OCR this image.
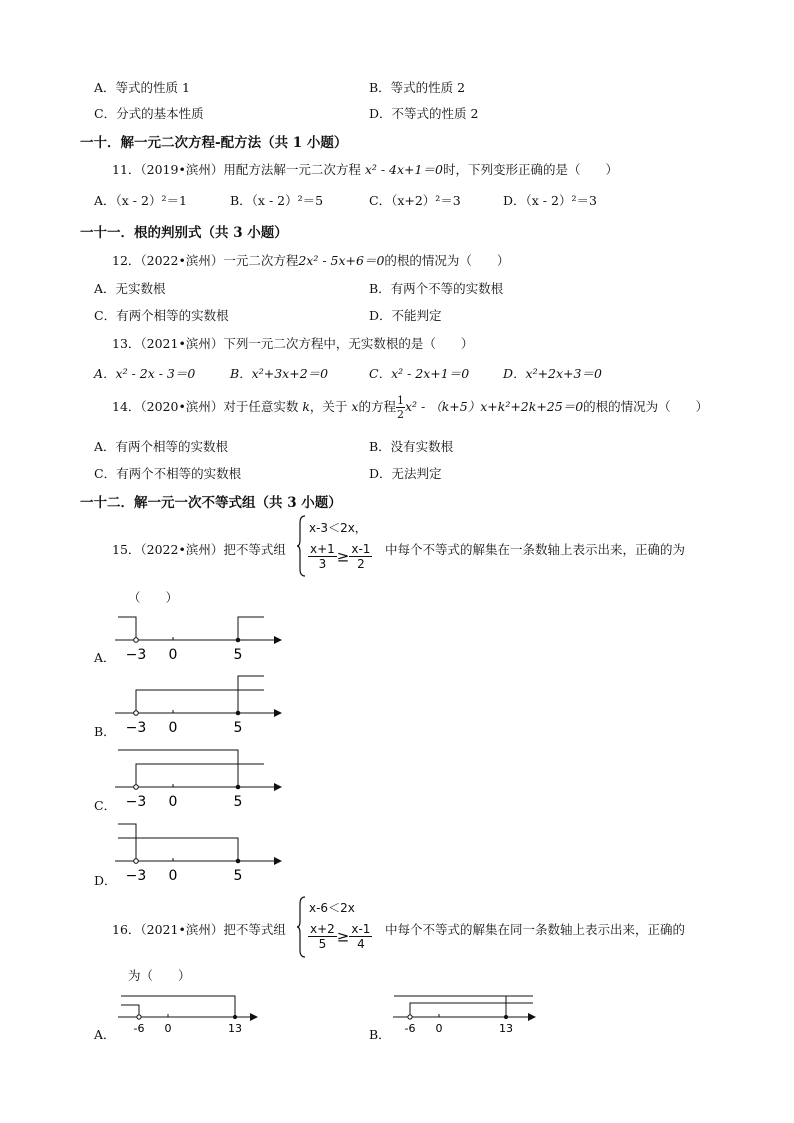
A．等式的性质 1	B．等式的性质 2
C．分式的基本性质	D．不等式的性质 2
一十．解一元二次方程-配方法（共 1 小题）
11．（2019•滨州）用配方法解一元二次方程 x² - 4x+1＝0时，下列变形正确的是（　　）
A．（x - 2）²＝1	B．（x - 2）²＝5	C．（x+2）²＝3	D．（x - 2）²＝3
一十一．根的判别式（共 3 小题）
12．（2022•滨州）一元二次方程2x² - 5x+6＝0的根的情况为（　　）
A．无实数根	B．有两个不等的实数根
C．有两个相等的实数根	D．不能判定
13．（2021•滨州）下列一元二次方程中，无实数根的是（　　）
A．x² - 2x - 3＝0	B．x²+3x+2＝0	C．x² - 2x+1＝0	D．x²+2x+3＝0
14．（2020•滨州）对于任意实数 k，关于 x的方程 $\frac{1}{2} x^2 - (k+5)x+k^2+2k+25=0$的根的情况为（　　）
A．有两个相等的实数根	B．没有实数根
C．有两个不相等的实数根	D．无法判定
一十二．解一元一次不等式组（共 3 小题）
15．（2022•滨州）把不等式组
x-3＜2x，
$\frac{x+1}{3} \ge \frac{x-1}{2}$ 中每个不等式的解集在一条数轴上表示出来，正确的为
（　　）
A． −3 0	5
B． −3 0	5
C． −3 0	5
D． −3 0	5
16．（2021•滨州）把不等式组
x-6＜2x
$\frac{x+2}{5} \ge \frac{x-1}{4}$ 中每个不等式的解集在同一条数轴上表示出来，正确的
为（　　）
A． -6 0	13	B． -6 0	13
